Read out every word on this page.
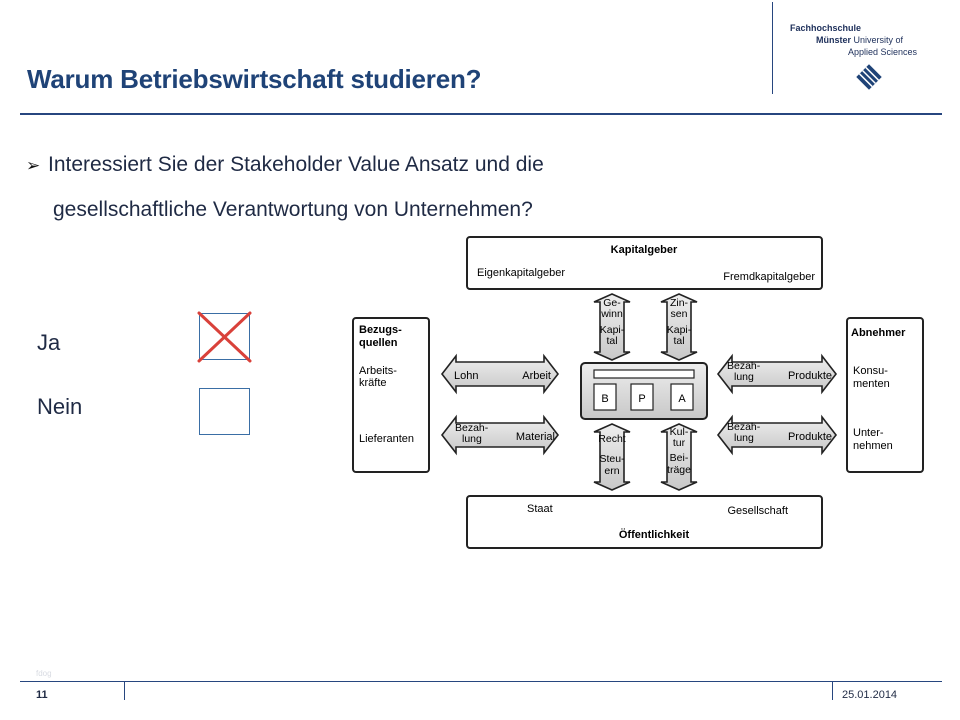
Fachhochschule
Münster University of
Applied Sciences
Warum Betriebswirtschaft studieren?
➢ Interessiert Sie der Stakeholder Value Ansatz und die
gesellschaftliche Verantwortung von Unternehmen?
Ja
Nein
Kapitalgeber
Eigenkapitalgeber	Fremdkapitalgeber
Staat	Gesellschaft
Öffentlichkeit
Bezugs-quellen
Arbeits-kräfte
Lieferanten
Abnehmer
Konsu-menten
Unter-nehmen
B	P	A
Ge-winn Kapi-tal
Zin-sen Kapi-tal
Recht Steu-ern
Kul-tur Bei-träge
Lohn	Arbeit
Bezah-lung	Material
Bezah-lung	Produkte
Bezah-lung	Produkte
fdog
11	25.01.2014
